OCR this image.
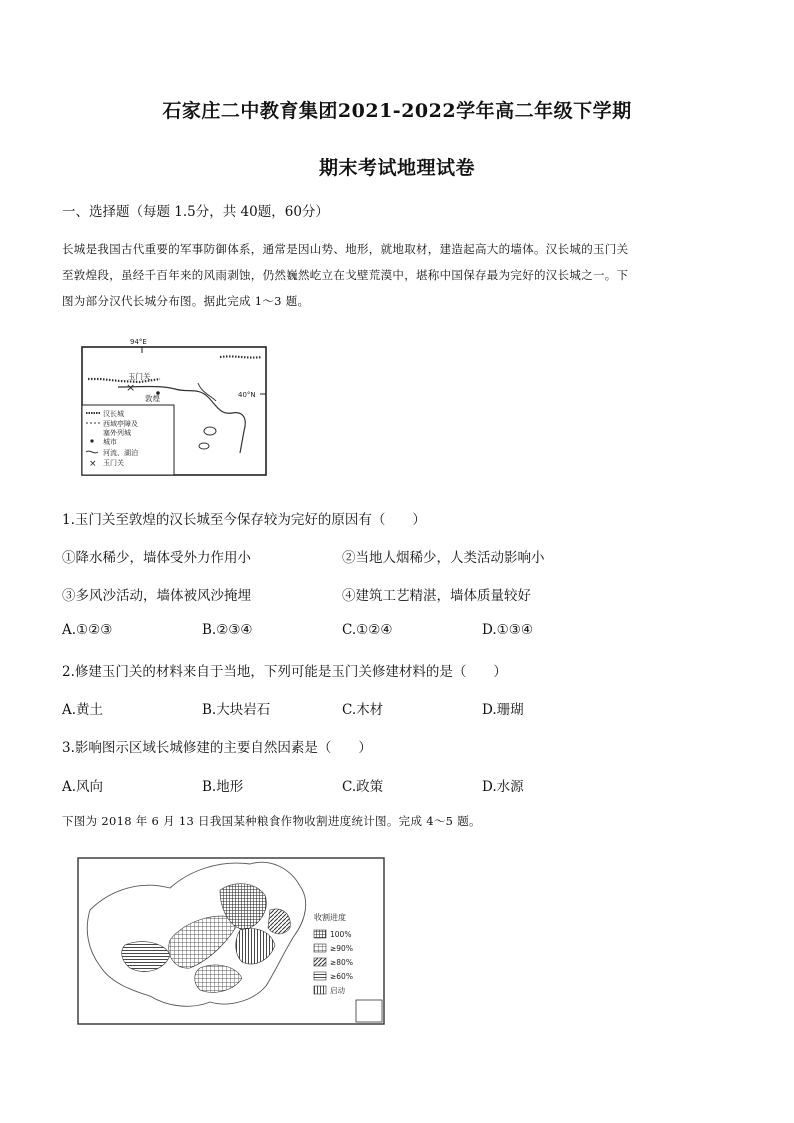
石家庄二中教育集团2021-2022学年高二年级下学期
期末考试地理试卷
一、选择题（每题 1.5分，共 40题，60分）
长城是我国古代重要的军事防御体系，通常是因山势、地形，就地取材，建造起高大的墙体。汉长城的玉门关
至敦煌段，虽经千百年来的风雨剥蚀，仍然巍然屹立在戈壁荒漠中，堪称中国保存最为完好的汉长城之一。下
图为部分汉代长城分布图。据此完成 1～3 题。
94°E
40°N
玉门关
×
敦煌
汉长城
西域亭障及
塞外列城
城市
河流、湖泊
× 玉门关
1.玉门关至敦煌的汉长城至今保存较为完好的原因有（　　）
①降水稀少，墙体受外力作用小	②当地人烟稀少，人类活动影响小
③多风沙活动，墙体被风沙掩埋	④建筑工艺精湛，墙体质量较好
A.①②③	B.②③④	C.①②④	D.①③④
2.修建玉门关的材料来自于当地，下列可能是玉门关修建材料的是（　　）
A.黄土	B.大块岩石	C.木材	D.珊瑚
3.影响图示区域长城修建的主要自然因素是（　　）
A.风向	B.地形	C.政策	D.水源
下图为 2018 年 6 月 13 日我国某种粮食作物收割进度统计图。完成 4～5 题。
收割进度
100%
≥90%
≥80%
≥60%
启动
